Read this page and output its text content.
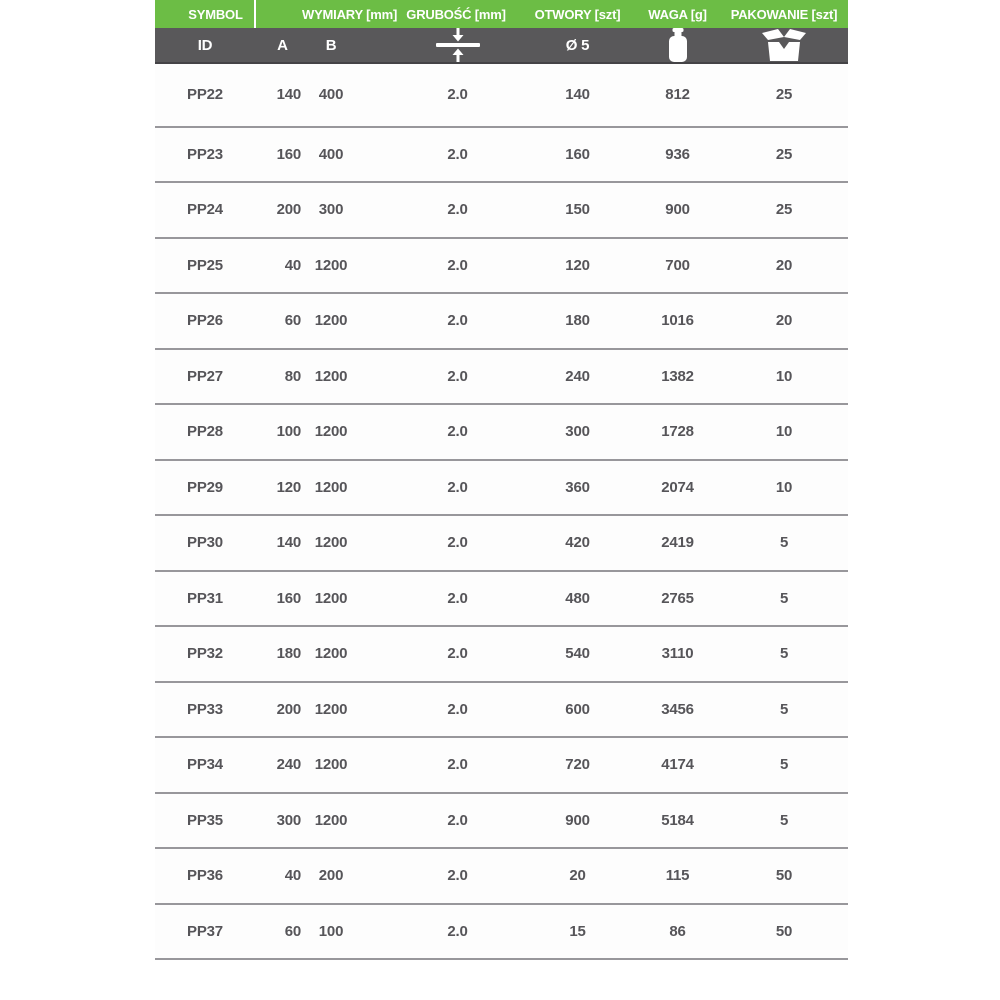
SYMBOL	WYMIARY [mm]		GRUBOŚĆ [mm]		OTWORY [szt]	WAGA [g]	PAKOWANIE [szt]
ID	A	B			Ø 5	

PP22	140	400		2.0	140	812	25
PP23	160	400		2.0	160	936	25
PP24	200	300		2.0	150	900	25
PP25	40	1200		2.0	120	700	20
PP26	60	1200		2.0	180	1016	20
PP27	80	1200		2.0	240	1382	10
PP28	100	1200		2.0	300	1728	10
PP29	120	1200		2.0	360	2074	10
PP30	140	1200		2.0	420	2419	5
PP31	160	1200		2.0	480	2765	5
PP32	180	1200		2.0	540	3110	5
PP33	200	1200		2.0	600	3456	5
PP34	240	1200		2.0	720	4174	5
PP35	300	1200		2.0	900	5184	5
PP36	40	200		2.0	20	115	50
PP37	60	100		2.0	15	86	50
